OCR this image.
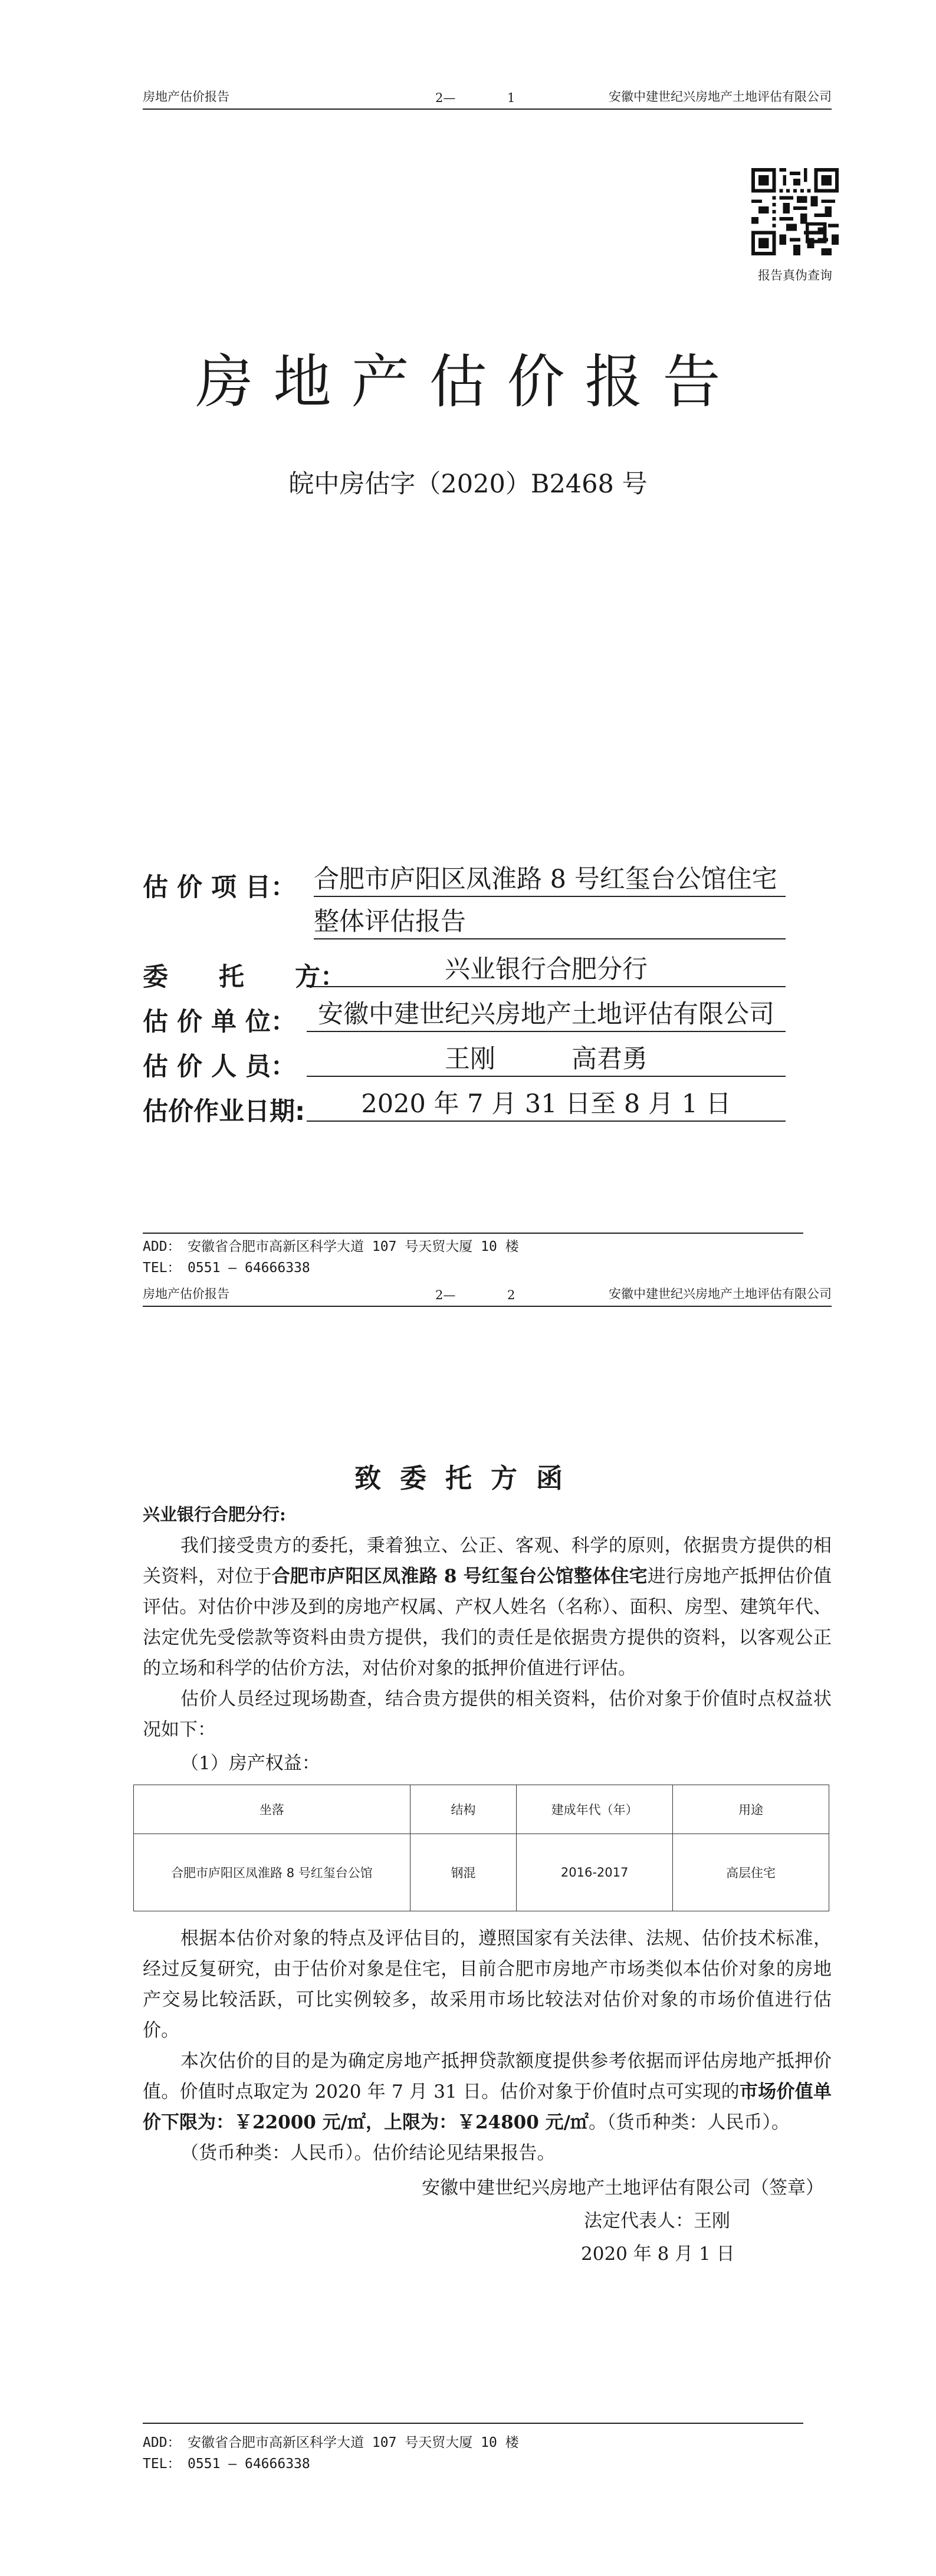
房地产估价报告	2—	1	安徽中建世纪兴房地产土地评估有限公司
报告真伪查询
房地产估价报告
皖中房估字（2020）B2468 号
估 价 项 目： 合肥市庐阳区凤淮路 8 号红玺台公馆住宅
整体评估报告
委　　托　　方：	兴业银行合肥分行
估 价 单 位： 安徽中建世纪兴房地产土地评估有限公司
估 价 人 员：	王刚　　　高君勇
估价作业日期:	2020 年 7 月 31 日至 8 月 1 日
ADD：　安徽省合肥市高新区科学大道 107 号天贸大厦 10 楼
TEL：　0551 — 64666338
房地产估价报告	2—	2	安徽中建世纪兴房地产土地评估有限公司
致委托方函
兴业银行合肥分行:
我们接受贵方的委托，秉着独立、公正、客观、科学的原则，依据贵方提供的相关资料，对位于合肥市庐阳区凤淮路 8 号红玺台公馆整体住宅进行房地产抵押估价值评估。对估价中涉及到的房地产权属、产权人姓名（名称）、面积、房型、建筑年代、法定优先受偿款等资料由贵方提供，我们的责任是依据贵方提供的资料，以客观公正的立场和科学的估价方法，对估价对象的抵押价值进行评估。
估价人员经过现场勘查，结合贵方提供的相关资料，估价对象于价值时点权益状况如下：
（1）房产权益：
坐落	结构	建成年代（年）	用途
合肥市庐阳区凤淮路 8 号红玺台公馆	钢混	2016-2017	高层住宅
根据本估价对象的特点及评估目的，遵照国家有关法律、法规、估价技术标准，经过反复研究，由于估价对象是住宅，目前合肥市房地产市场类似本估价对象的房地产交易比较活跃，可比实例较多，故采用市场比较法对估价对象的市场价值进行估价。
本次估价的目的是为确定房地产抵押贷款额度提供参考依据而评估房地产抵押价值。价值时点取定为 2020 年 7 月 31 日。估价对象于价值时点可实现的市场价值单价下限为：￥22000 元/㎡，上限为：￥24800 元/㎡。（货币种类：人民币）。
（货币种类：人民币）。估价结论见结果报告。
安徽中建世纪兴房地产土地评估有限公司（签章）
法定代表人：王刚
2020 年 8 月 1 日
ADD：　安徽省合肥市高新区科学大道 107 号天贸大厦 10 楼
TEL：　0551 — 64666338
